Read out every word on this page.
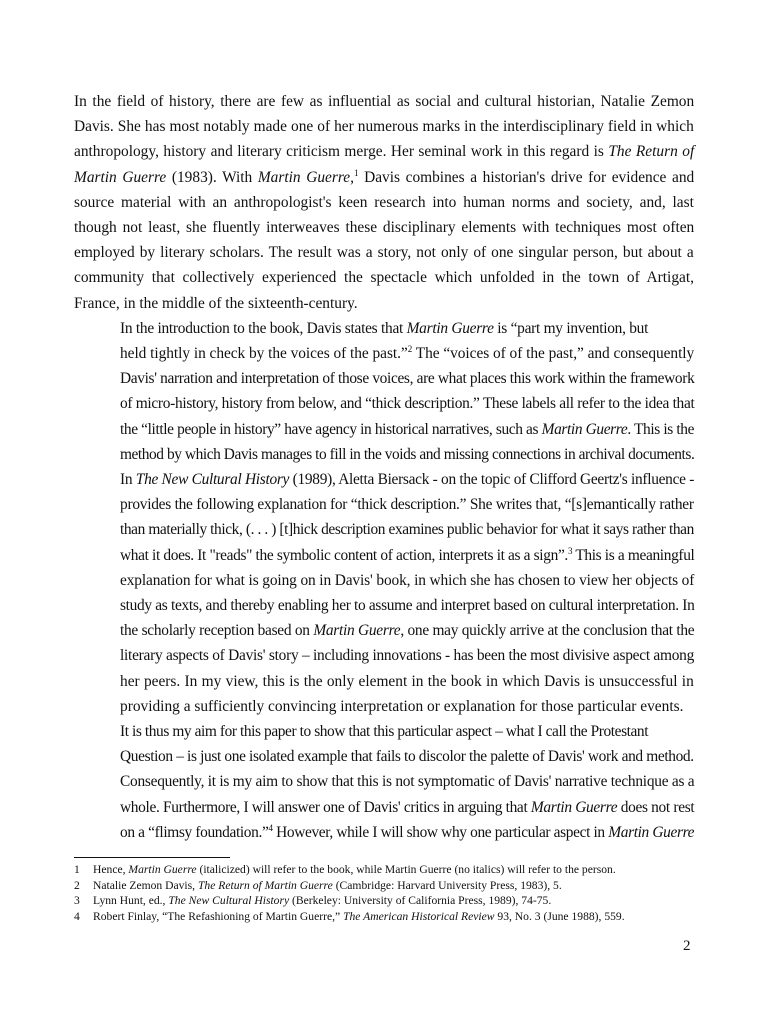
In the field of history, there are few as influential as social and cultural historian, Natalie Zemon
Davis. She has most notably made one of her numerous marks in the interdisciplinary field in which
anthropology, history and literary criticism merge. Her seminal work in this regard is The Return of
Martin Guerre (1983). With Martin Guerre,$^1$ Davis combines a historian's drive for evidence and
source material with an anthropologist's keen research into human norms and society, and, last
though not least, she fluently interweaves these disciplinary elements with techniques most often
employed by literary scholars. The result was a story, not only of one singular person, but about a
community that collectively experienced the spectacle which unfolded in the town of Artigat,
France, in the middle of the sixteenth-century.

In the introduction to the book, Davis states that Martin Guerre is “part my invention, but
held tightly in check by the voices of the past.”$^2$ The “voices of of the past,” and consequently
Davis' narration and interpretation of those voices, are what places this work within the framework
of micro-history, history from below, and “thick description.” These labels all refer to the idea that
the “little people in history” have agency in historical narratives, such as Martin Guerre. This is the
method by which Davis manages to fill in the voids and missing connections in archival documents.
In The New Cultural History (1989), Aletta Biersack - on the topic of Clifford Geertz's influence -
provides the following explanation for “thick description.” She writes that, “[s]emantically rather
than materially thick, (. . . ) [t]hick description examines public behavior for what it says rather than
what it does. It "reads" the symbolic content of action, interprets it as a sign”.$^3$ This is a meaningful
explanation for what is going on in Davis' book, in which she has chosen to view her objects of
study as texts, and thereby enabling her to assume and interpret based on cultural interpretation. In
the scholarly reception based on Martin Guerre, one may quickly arrive at the conclusion that the
literary aspects of Davis' story – including innovations - has been the most divisive aspect among
her peers. In my view, this is the only element in the book in which Davis is unsuccessful in
providing a sufficiently convincing interpretation or explanation for those particular events.

It is thus my aim for this paper to show that this particular aspect – what I call the Protestant
Question – is just one isolated example that fails to discolor the palette of Davis' work and method.
Consequently, it is my aim to show that this is not symptomatic of Davis' narrative technique as a
whole. Furthermore, I will answer one of Davis' critics in arguing that Martin Guerre does not rest
on a “flimsy foundation.”$^4$ However, while I will show why one particular aspect in Martin Guerre

1 Hence, Martin Guerre (italicized) will refer to the book, while Martin Guerre (no italics) will refer to the person.
2 Natalie Zemon Davis, The Return of Martin Guerre (Cambridge: Harvard University Press, 1983), 5.
3 Lynn Hunt, ed., The New Cultural History (Berkeley: University of California Press, 1989), 74-75.
4 Robert Finlay, “The Refashioning of Martin Guerre,” The American Historical Review 93, No. 3 (June 1988), 559.
2
